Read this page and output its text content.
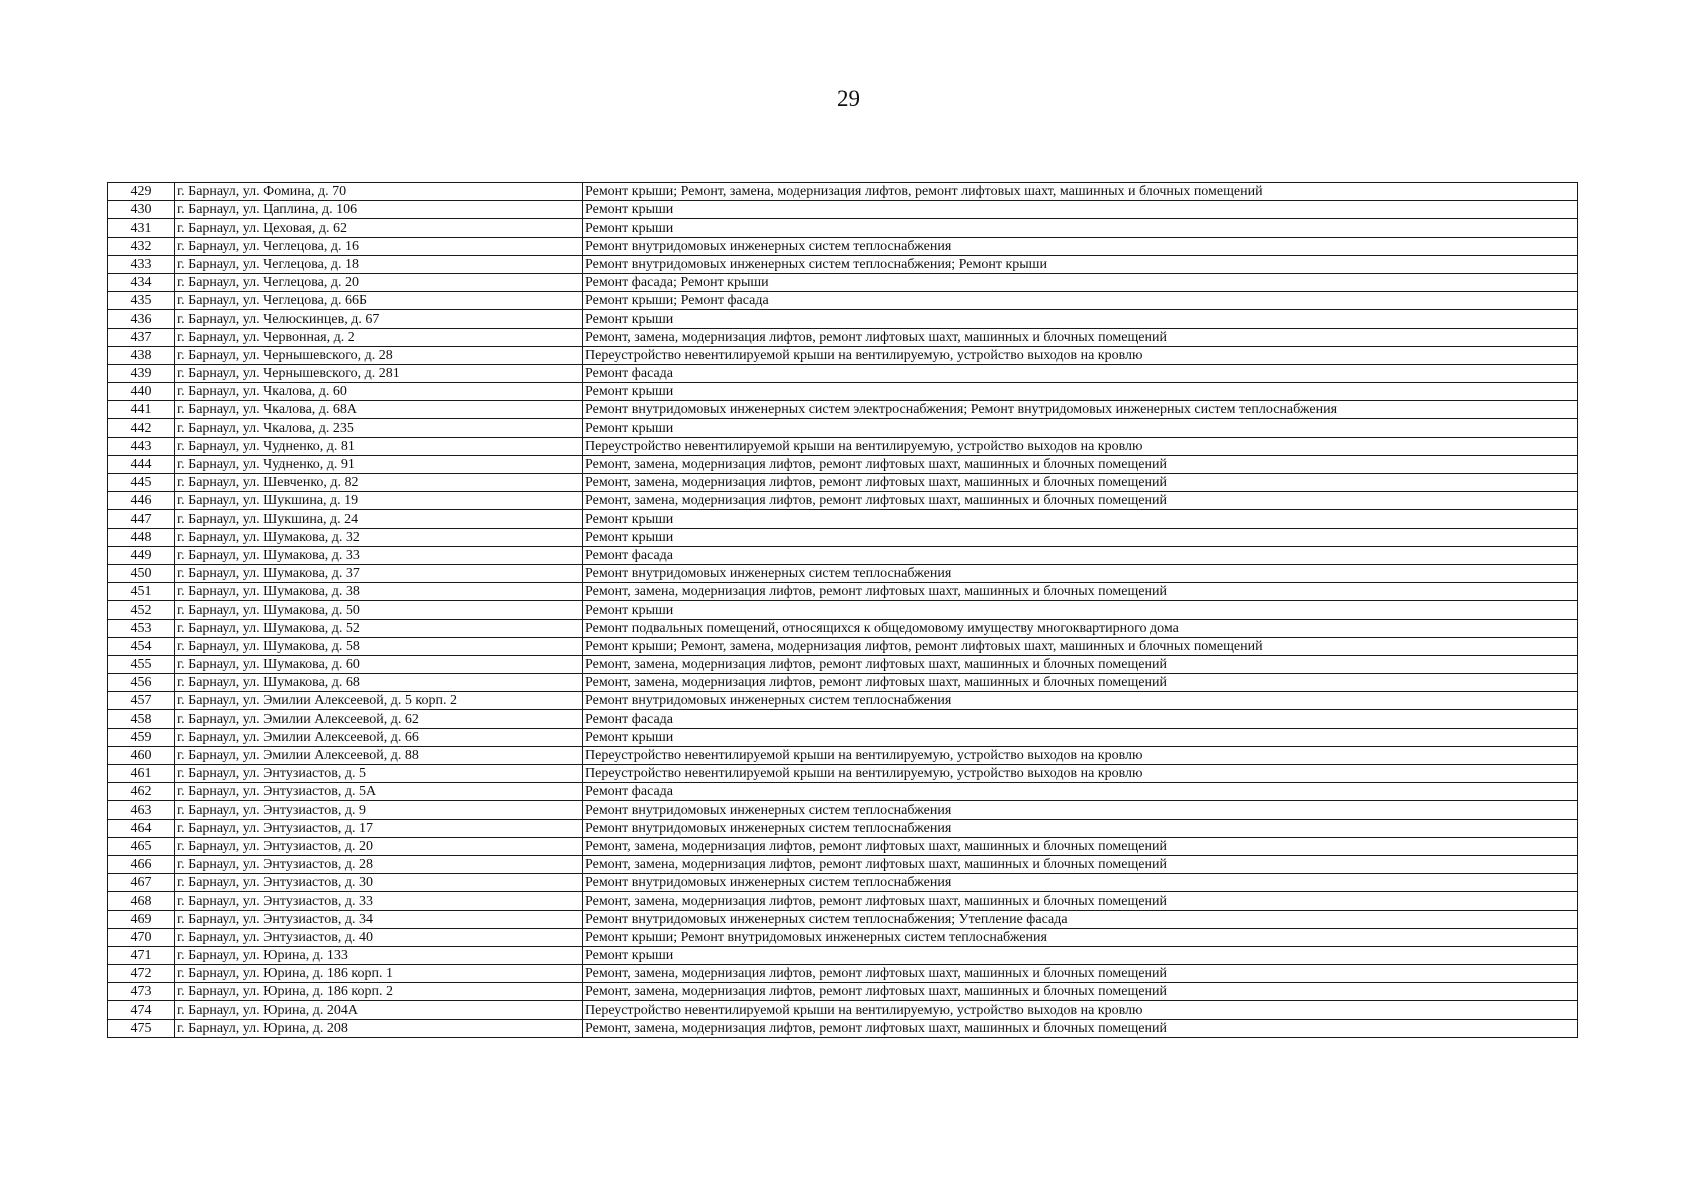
29
429	г. Барнаул, ул. Фомина, д. 70	Ремонт крыши; Ремонт, замена, модернизация лифтов, ремонт лифтовых шахт, машинных и блочных помещений
430	г. Барнаул, ул. Цаплина, д. 106	Ремонт крыши
431	г. Барнаул, ул. Цеховая, д. 62	Ремонт крыши
432	г. Барнаул, ул. Чеглецова, д. 16	Ремонт внутридомовых инженерных систем теплоснабжения
433	г. Барнаул, ул. Чеглецова, д. 18	Ремонт внутридомовых инженерных систем теплоснабжения; Ремонт крыши
434	г. Барнаул, ул. Чеглецова, д. 20	Ремонт фасада; Ремонт крыши
435	г. Барнаул, ул. Чеглецова, д. 66Б	Ремонт крыши; Ремонт фасада
436	г. Барнаул, ул. Челюскинцев, д. 67	Ремонт крыши
437	г. Барнаул, ул. Червонная, д. 2	Ремонт, замена, модернизация лифтов, ремонт лифтовых шахт, машинных и блочных помещений
438	г. Барнаул, ул. Чернышевского, д. 28	Переустройство невентилируемой крыши на вентилируемую, устройство выходов на кровлю
439	г. Барнаул, ул. Чернышевского, д. 281	Ремонт фасада
440	г. Барнаул, ул. Чкалова, д. 60	Ремонт крыши
441	г. Барнаул, ул. Чкалова, д. 68А	Ремонт внутридомовых инженерных систем электроснабжения; Ремонт внутридомовых инженерных систем теплоснабжения
442	г. Барнаул, ул. Чкалова, д. 235	Ремонт крыши
443	г. Барнаул, ул. Чудненко, д. 81	Переустройство невентилируемой крыши на вентилируемую, устройство выходов на кровлю
444	г. Барнаул, ул. Чудненко, д. 91	Ремонт, замена, модернизация лифтов, ремонт лифтовых шахт, машинных и блочных помещений
445	г. Барнаул, ул. Шевченко, д. 82	Ремонт, замена, модернизация лифтов, ремонт лифтовых шахт, машинных и блочных помещений
446	г. Барнаул, ул. Шукшина, д. 19	Ремонт, замена, модернизация лифтов, ремонт лифтовых шахт, машинных и блочных помещений
447	г. Барнаул, ул. Шукшина, д. 24	Ремонт крыши
448	г. Барнаул, ул. Шумакова, д. 32	Ремонт крыши
449	г. Барнаул, ул. Шумакова, д. 33	Ремонт фасада
450	г. Барнаул, ул. Шумакова, д. 37	Ремонт внутридомовых инженерных систем теплоснабжения
451	г. Барнаул, ул. Шумакова, д. 38	Ремонт, замена, модернизация лифтов, ремонт лифтовых шахт, машинных и блочных помещений
452	г. Барнаул, ул. Шумакова, д. 50	Ремонт крыши
453	г. Барнаул, ул. Шумакова, д. 52	Ремонт подвальных помещений, относящихся к общедомовому имуществу многоквартирного дома
454	г. Барнаул, ул. Шумакова, д. 58	Ремонт крыши; Ремонт, замена, модернизация лифтов, ремонт лифтовых шахт, машинных и блочных помещений
455	г. Барнаул, ул. Шумакова, д. 60	Ремонт, замена, модернизация лифтов, ремонт лифтовых шахт, машинных и блочных помещений
456	г. Барнаул, ул. Шумакова, д. 68	Ремонт, замена, модернизация лифтов, ремонт лифтовых шахт, машинных и блочных помещений
457	г. Барнаул, ул. Эмилии Алексеевой, д. 5 корп. 2	Ремонт внутридомовых инженерных систем теплоснабжения
458	г. Барнаул, ул. Эмилии Алексеевой, д. 62	Ремонт фасада
459	г. Барнаул, ул. Эмилии Алексеевой, д. 66	Ремонт крыши
460	г. Барнаул, ул. Эмилии Алексеевой, д. 88	Переустройство невентилируемой крыши на вентилируемую, устройство выходов на кровлю
461	г. Барнаул, ул. Энтузиастов, д. 5	Переустройство невентилируемой крыши на вентилируемую, устройство выходов на кровлю
462	г. Барнаул, ул. Энтузиастов, д. 5А	Ремонт фасада
463	г. Барнаул, ул. Энтузиастов, д. 9	Ремонт внутридомовых инженерных систем теплоснабжения
464	г. Барнаул, ул. Энтузиастов, д. 17	Ремонт внутридомовых инженерных систем теплоснабжения
465	г. Барнаул, ул. Энтузиастов, д. 20	Ремонт, замена, модернизация лифтов, ремонт лифтовых шахт, машинных и блочных помещений
466	г. Барнаул, ул. Энтузиастов, д. 28	Ремонт, замена, модернизация лифтов, ремонт лифтовых шахт, машинных и блочных помещений
467	г. Барнаул, ул. Энтузиастов, д. 30	Ремонт внутридомовых инженерных систем теплоснабжения
468	г. Барнаул, ул. Энтузиастов, д. 33	Ремонт, замена, модернизация лифтов, ремонт лифтовых шахт, машинных и блочных помещений
469	г. Барнаул, ул. Энтузиастов, д. 34	Ремонт внутридомовых инженерных систем теплоснабжения; Утепление фасада
470	г. Барнаул, ул. Энтузиастов, д. 40	Ремонт крыши; Ремонт внутридомовых инженерных систем теплоснабжения
471	г. Барнаул, ул. Юрина, д. 133	Ремонт крыши
472	г. Барнаул, ул. Юрина, д. 186 корп. 1	Ремонт, замена, модернизация лифтов, ремонт лифтовых шахт, машинных и блочных помещений
473	г. Барнаул, ул. Юрина, д. 186 корп. 2	Ремонт, замена, модернизация лифтов, ремонт лифтовых шахт, машинных и блочных помещений
474	г. Барнаул, ул. Юрина, д. 204А	Переустройство невентилируемой крыши на вентилируемую, устройство выходов на кровлю
475	г. Барнаул, ул. Юрина, д. 208	Ремонт, замена, модернизация лифтов, ремонт лифтовых шахт, машинных и блочных помещений
